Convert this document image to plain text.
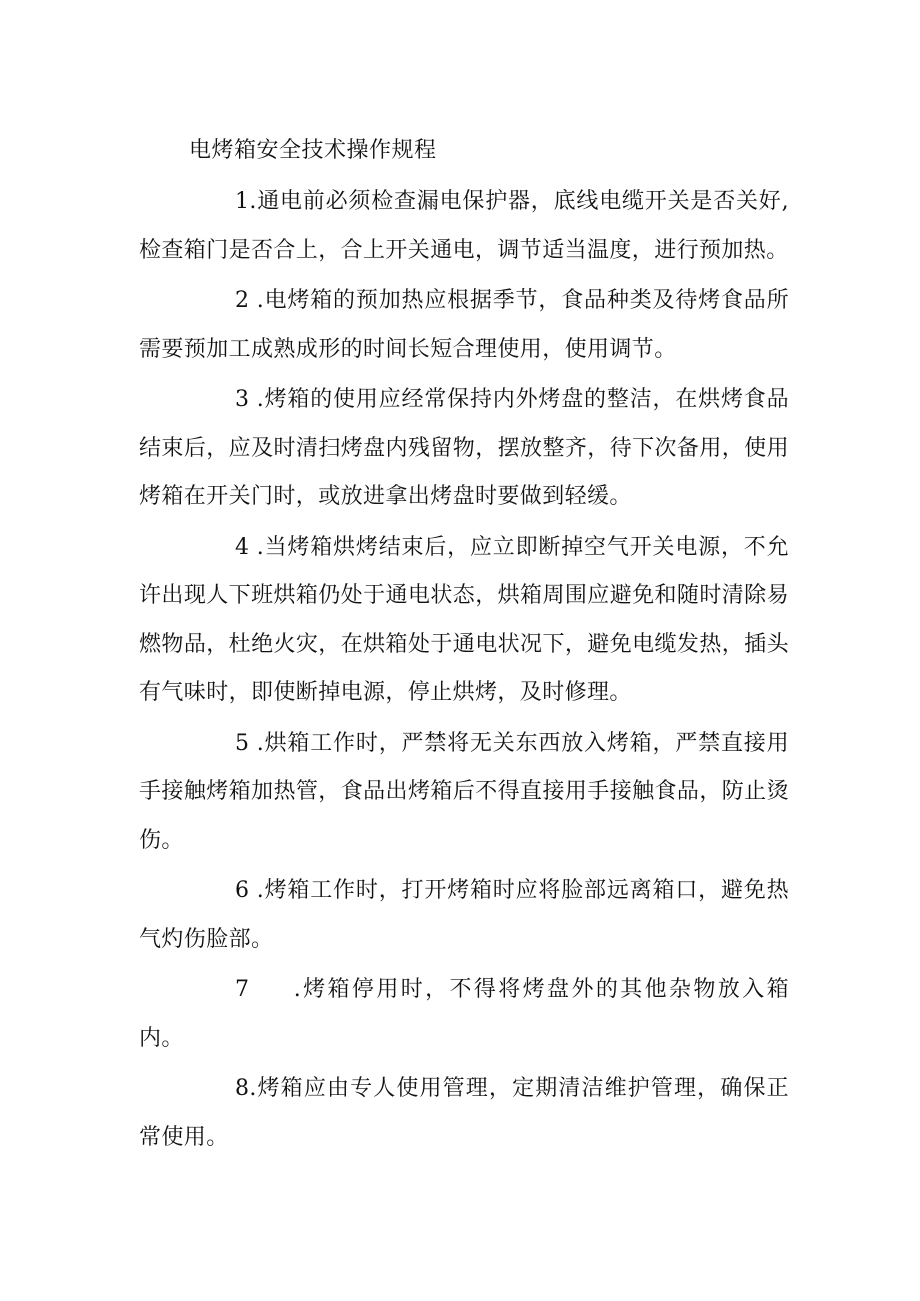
电烤箱安全技术操作规程

1.通电前必须检查漏电保护器，底线电缆开关是否关好,检查箱门是否合上，合上开关通电，调节适当温度，进行预加热。

2 .电烤箱的预加热应根据季节，食品种类及待烤食品所需要预加工成熟成形的时间长短合理使用，使用调节。

3 .烤箱的使用应经常保持内外烤盘的整洁，在烘烤食品结束后，应及时清扫烤盘内残留物，摆放整齐，待下次备用，使用烤箱在开关门时，或放进拿出烤盘时要做到轻缓。

4 .当烤箱烘烤结束后，应立即断掉空气开关电源，不允许出现人下班烘箱仍处于通电状态，烘箱周围应避免和随时清除易燃物品，杜绝火灾，在烘箱处于通电状况下，避免电缆发热，插头有气味时，即使断掉电源，停止烘烤，及时修理。

5 .烘箱工作时，严禁将无关东西放入烤箱，严禁直接用手接触烤箱加热管，食品出烤箱后不得直接用手接触食品，防止烫伤。

6 .烤箱工作时，打开烤箱时应将脸部远离箱口，避免热气灼伤脸部。

7      .烤箱停用时，不得将烤盘外的其他杂物放入箱内。

8.烤箱应由专人使用管理，定期清洁维护管理，确保正常使用。
